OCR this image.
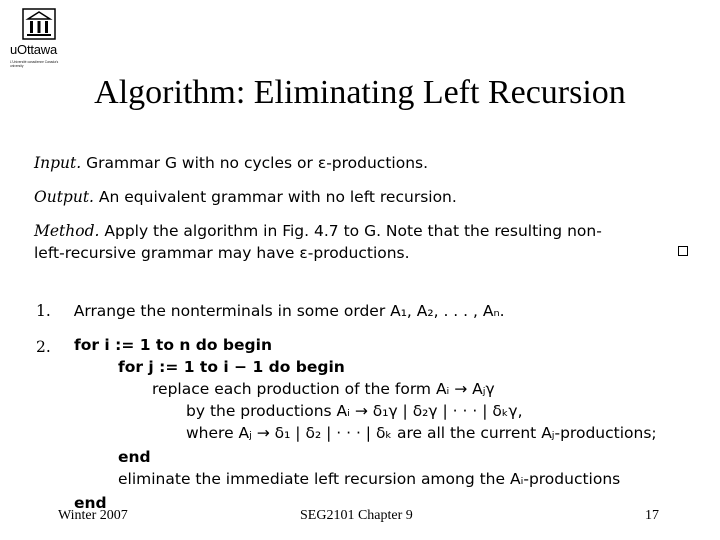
uOttawa
L'Université canadienne Canada's university
Algorithm: Eliminating Left Recursion
Input. Grammar G with no cycles or ε-productions.
Output. An equivalent grammar with no left recursion.
Method. Apply the algorithm in Fig. 4.7 to G. Note that the resulting non-
left-recursive grammar may have ε-productions.
1. Arrange the nonterminals in some order A₁, A₂, . . . , Aₙ.
2. for i := 1 to n do begin
for j := 1 to i − 1 do begin
replace each production of the form Aᵢ → Aⱼγ
by the productions Aᵢ → δ₁γ | δ₂γ | · · · | δₖγ,
where Aⱼ → δ₁ | δ₂ | · · · | δₖ are all the current Aⱼ-productions;
end
eliminate the immediate left recursion among the Aᵢ-productions
end
Winter 2007	SEG2101 Chapter 9	17
